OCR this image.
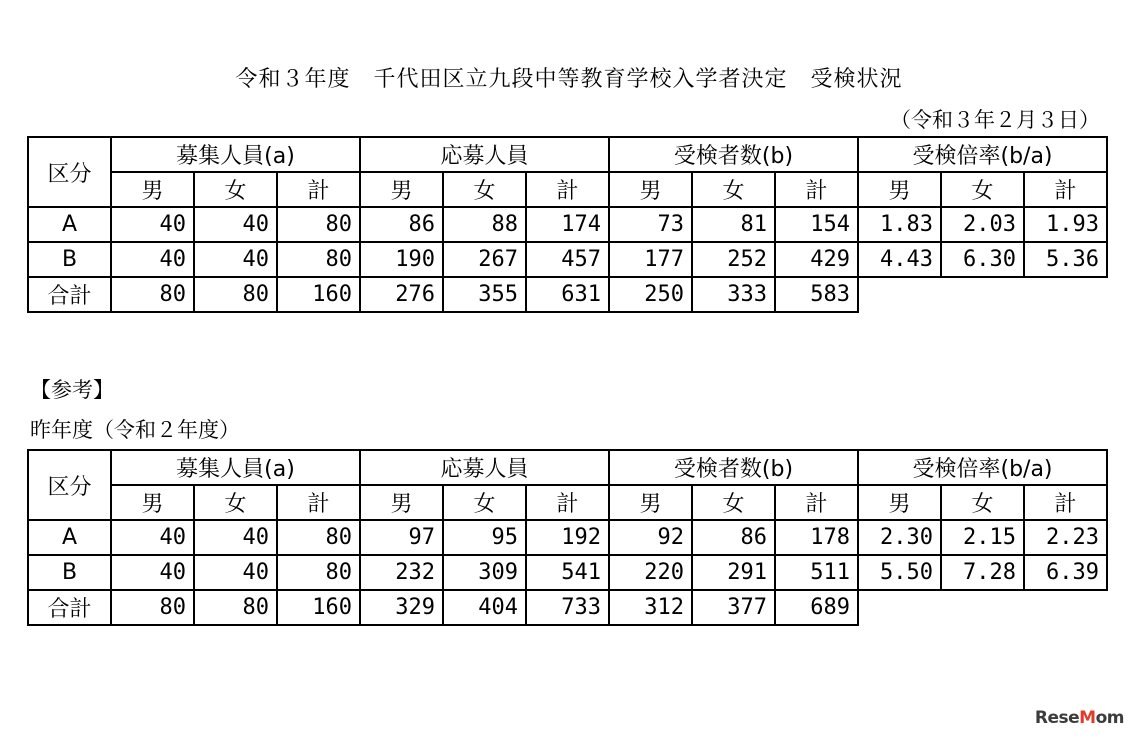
令和３年度　千代田区立九段中等教育学校入学者決定　受検状況
（令和３年２月３日）
区分	募集人員(a)			応募人員			受検者数(b)			受検倍率(b/a)		
	男	女	計	男	女	計	男	女	計	男	女	計
A	40	40	80	86	88	174	73	81	154	1.83	2.03	1.93
B	40	40	80	190	267	457	177	252	429	4.43	6.30	5.36
合計	80	80	160	276	355	631	250	333	583			
【参考】
昨年度（令和２年度）
区分	募集人員(a)			応募人員			受検者数(b)			受検倍率(b/a)		
	男	女	計	男	女	計	男	女	計	男	女	計
A	40	40	80	97	95	192	92	86	178	2.30	2.15	2.23
B	40	40	80	232	309	541	220	291	511	5.50	7.28	6.39
合計	80	80	160	329	404	733	312	377	689			
ReseMom
